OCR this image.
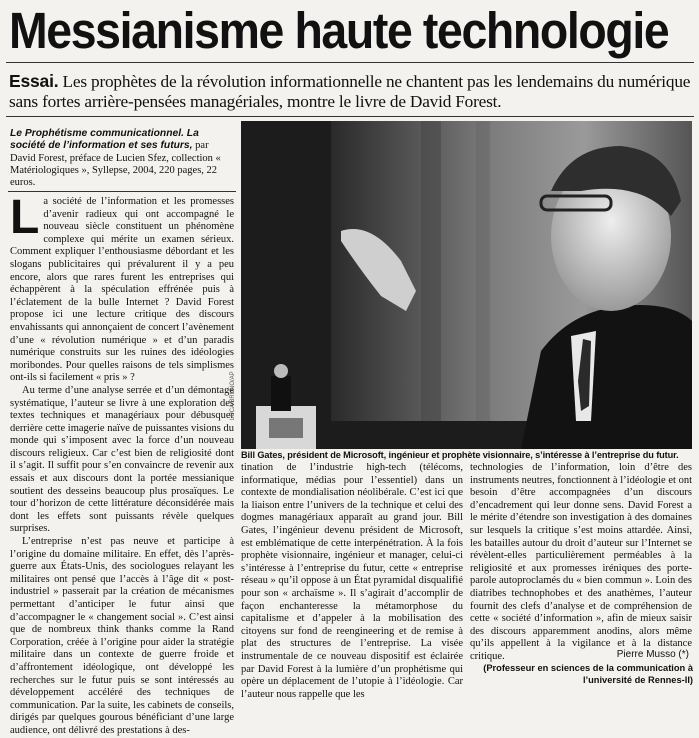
Messianisme haute technologie
Essai. Les prophètes de la révolution informationnelle ne chantent pas les lendemains du numérique sans fortes arrière-pensées managériales, montre le livre de David Forest.
Le Prophétisme communicationnel. La société de l’information et ses futurs, par David Forest, préface de Lucien Sfez, collection « Matériologiques », Syllepse, 2004, 220 pages, 22 euros.

La société de l’information et les promesses d’avenir radieux qui ont accompagné le nouveau siècle constituent un phénomène complexe qui mérite un examen sérieux. Comment expliquer l’enthousiasme débordant et les slogans publicitaires qui prévalurent il y a peu encore, alors que rares furent les entreprises qui échappèrent à la spéculation effrénée puis à l’éclatement de la bulle Internet ? David Forest propose ici une lecture critique des discours envahissants qui annonçaient de concert l’avènement d’une « révolution numérique » et d’un paradis numérique construits sur les ruines des idéologies moribondes. Pour quelles raisons de tels simplismes ont-ils si facilement « pris » ?

Au terme d’une analyse serrée et d’un démontage systématique, l’auteur se livre à une exploration des textes techniques et managériaux pour débusquer derrière cette imagerie naïve de puissantes visions du monde qui s’imposent avec la force d’un nouveau discours religieux. Car c’est bien de religiosité dont il s’agit. Il suffit pour s’en convaincre de revenir aux essais et aux discours dont la portée messianique soutient des desseins beaucoup plus prosaïques. Le tour d’horizon de cette littérature déconsidérée mais dont les effets sont puissants révèle quelques surprises.

L’entreprise n’est pas neuve et participe à l’origine du domaine militaire. En effet, dès l’après-guerre aux États-Unis, des sociologues relayant les militaires ont pensé que l’accès à l’âge dit « post-industriel » passerait par la création de mécanismes permettant d’anticiper le futur ainsi que d’accompagner le « changement social ». C’est ainsi que de nombreux think thanks comme la Rand Corporation, créée à l’origine pour aider la stratégie militaire dans un contexte de guerre froide et d’affrontement idéologique, ont développé les recherches sur le futur puis se sont intéressés au développement accéléré des techniques de communication. Par la suite, les cabinets de conseils, dirigés par quelques gourous bénéficiant d’une large audience, ont délivré des prestations à des-

LUCA BRUNO/AP
Bill Gates, président de Microsoft, ingénieur et prophète visionnaire, s’intéresse à l’entreprise du futur.

tination de l’industrie high-tech (télécoms, informatique, médias pour l’essentiel) dans un contexte de mondialisation néolibérale. C’est ici que la liaison entre l’univers de la technique et celui des dogmes managériaux apparaît au grand jour. Bill Gates, l’ingénieur devenu président de Microsoft, est emblématique de cette interpénétration. À la fois prophète visionnaire, ingénieur et manager, celui-ci s’intéresse à l’entreprise du futur, cette « entreprise réseau » qu’il oppose à un État pyramidal disqualifié pour son « archaïsme ». Il s’agirait d’accomplir de façon enchanteresse la métamorphose du capitalisme et d’appeler à la mobilisation des citoyens sur fond de reengineering et de remise à plat des structures de l’entreprise. La visée instrumentale de ce nouveau dispositif est éclairée par David Forest à la lumière d’un prophétisme qui opère un déplacement de l’utopie à l’idéologie. Car l’auteur nous rappelle que les

technologies de l’information, loin d’être des instruments neutres, fonctionnent à l’idéologie et ont besoin d’être accompagnées d’un discours d’encadrement qui leur donne sens. David Forest a le mérite d’étendre son investigation à des domaines sur lesquels la critique s’est moins attardée. Ainsi, les batailles autour du droit d’auteur sur l’Internet se révèlent-elles particulièrement perméables à la religiosité et aux promesses iréniques des porte-parole autoproclamés du « bien commun ». Loin des diatribes technophobes et des anathèmes, l’auteur fournit des clefs d’analyse et de compréhension de cette « société d’information », afin de mieux saisir des discours apparemment anodins, alors même qu’ils appellent à la vigilance et à la distance critique.	Pierre Musso (*)
(Professeur en sciences de la communication à l’université de Rennes-II)
